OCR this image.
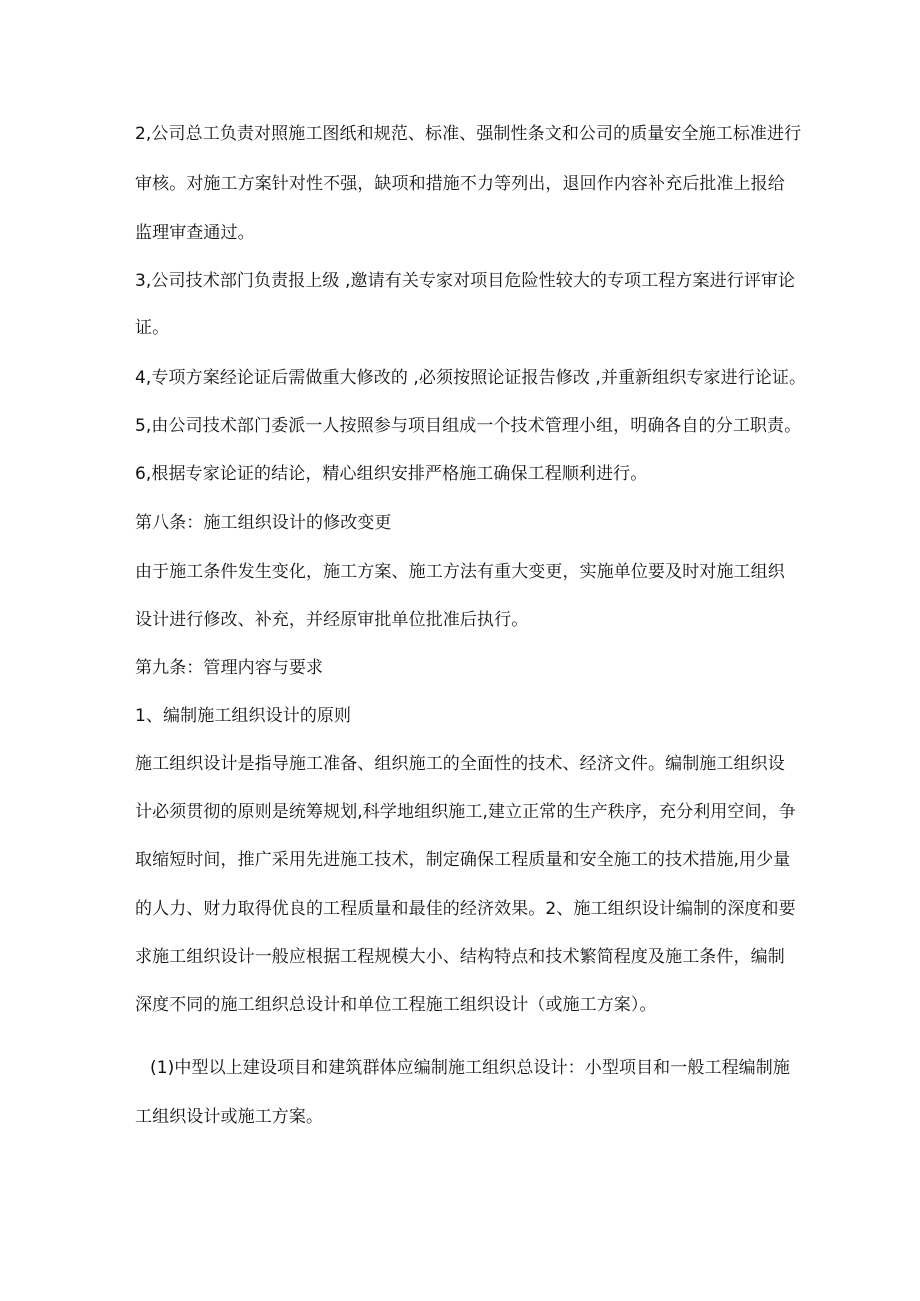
2,公司总工负责对照施工图纸和规范、标准、强制性条文和公司的质量安全施工标准进行
审核。对施工方案针对性不强，缺项和措施不力等列出，退回作内容补充后批准上报给
监理审查通过。
3,公司技术部门负责报上级 ,邀请有关专家对项目危险性较大的专项工程方案进行评审论
证。
4,专项方案经论证后需做重大修改的 ,必须按照论证报告修改 ,并重新组织专家进行论证。
5,由公司技术部门委派一人按照参与项目组成一个技术管理小组，明确各自的分工职责。
6,根据专家论证的结论，精心组织安排严格施工确保工程顺利进行。
第八条：施工组织设计的修改变更
由于施工条件发生变化，施工方案、施工方法有重大变更，实施单位要及时对施工组织
设计进行修改、补充，并经原审批单位批准后执行。
第九条：管理内容与要求
1、编制施工组织设计的原则
施工组织设计是指导施工准备、组织施工的全面性的技术、经济文件。编制施工组织设
计必须贯彻的原则是统筹规划,科学地组织施工,建立正常的生产秩序，充分利用空间，争
取缩短时间，推广采用先进施工技术，制定确保工程质量和安全施工的技术措施,用少量
的人力、财力取得优良的工程质量和最佳的经济效果。2、施工组织设计编制的深度和要
求施工组织设计一般应根据工程规模大小、结构特点和技术繁简程度及施工条件，编制
深度不同的施工组织总设计和单位工程施工组织设计（或施工方案）。
(1)中型以上建设项目和建筑群体应编制施工组织总设计：小型项目和一般工程编制施
工组织设计或施工方案。
